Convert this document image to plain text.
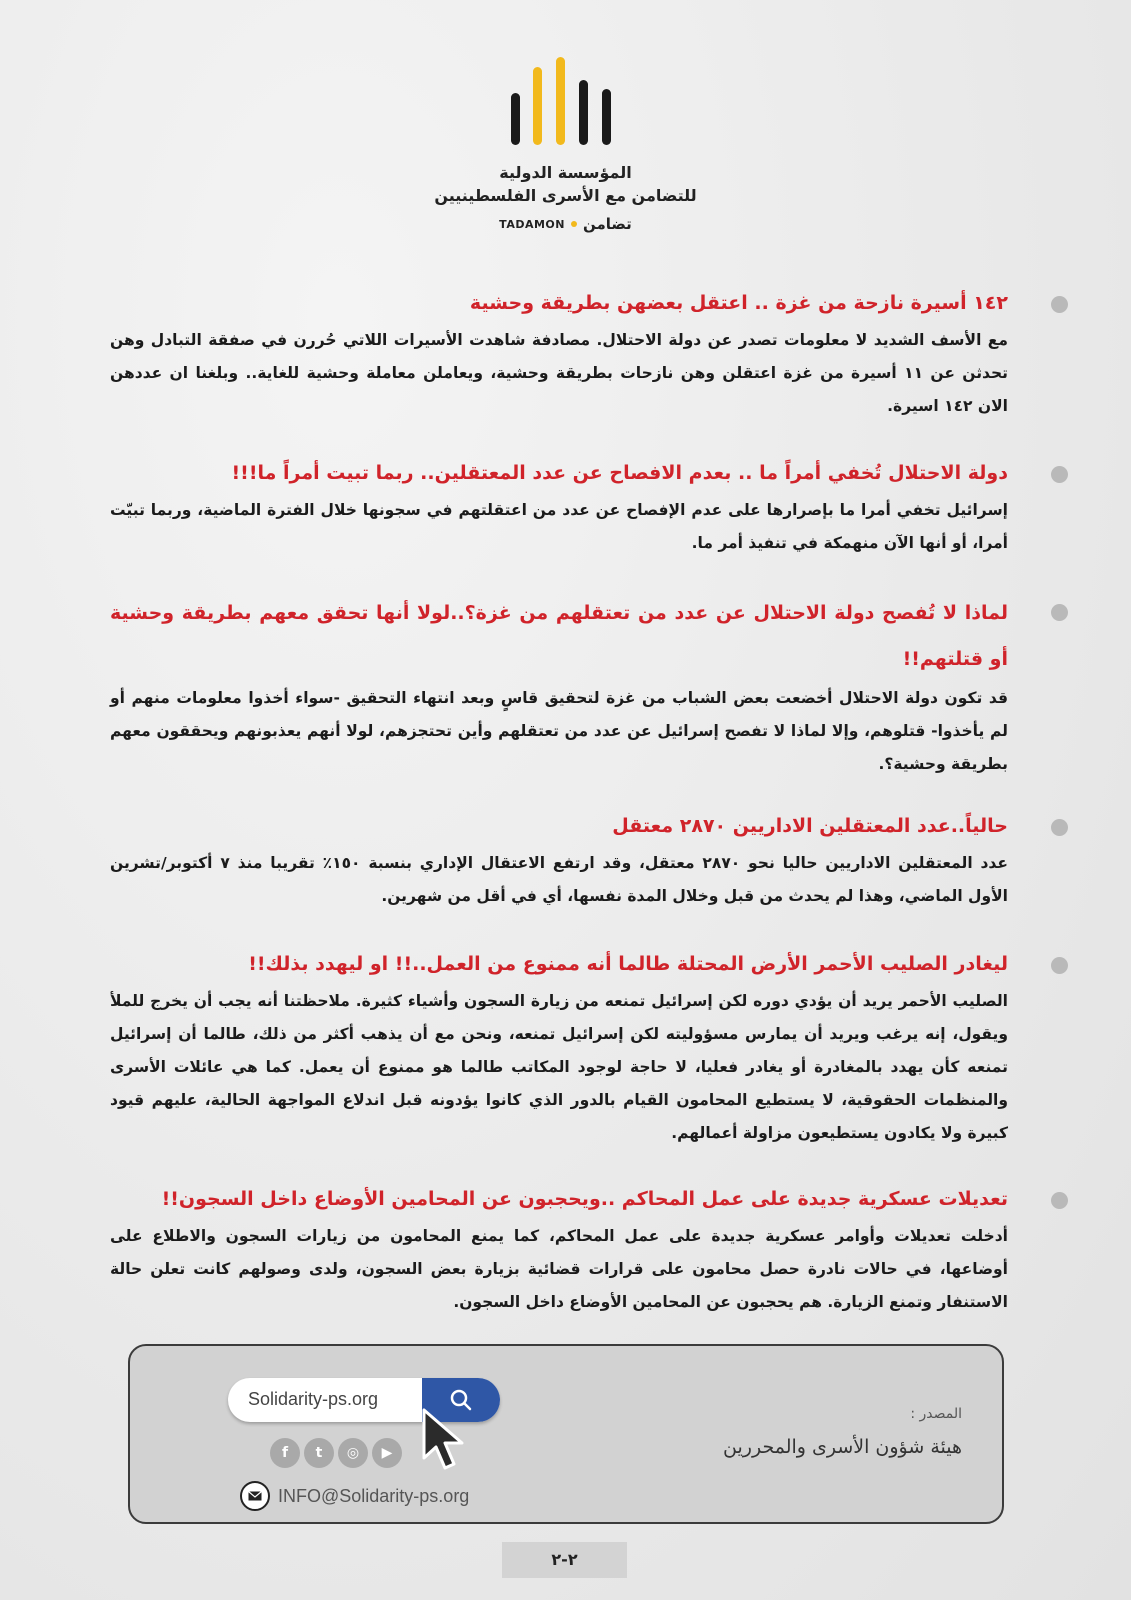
المؤسسة الدولية
للتضامن مع الأسرى الفلسطينيين
TADAMON تضامن
١٤٢ أسيرة نازحة من غزة .. اعتقل بعضهن بطريقة وحشية
مع الأسف الشديد لا معلومات تصدر عن دولة الاحتلال. مصادفة شاهدت الأسيرات اللاتي حُررن في صفقة التبادل وهن تحدثن عن ١١ أسيرة من غزة اعتقلن وهن نازحات بطريقة وحشية، ويعاملن معاملة وحشية للغاية.. وبلغنا ان عددهن الان ١٤٢ اسيرة.
دولة الاحتلال تُخفي أمراً ما .. بعدم الافصاح عن عدد المعتقلين.. ربما تبيت أمراً ما!!!
إسرائيل تخفي أمرا ما بإصرارها على عدم الإفصاح عن عدد من اعتقلتهم في سجونها خلال الفترة الماضية، وربما تبيّت أمرا، أو أنها الآن منهمكة في تنفيذ أمر ما.
لماذا لا تُفصح دولة الاحتلال عن عدد من تعتقلهم من غزة؟..لولا أنها تحقق معهم بطريقة وحشية أو قتلتهم!!
قد تكون دولة الاحتلال أخضعت بعض الشباب من غزة لتحقيق قاسٍ وبعد انتهاء التحقيق -سواء أخذوا معلومات منهم أو لم يأخذوا- قتلوهم، وإلا لماذا لا تفصح إسرائيل عن عدد من تعتقلهم وأين تحتجزهم، لولا أنهم يعذبونهم ويحققون معهم بطريقة وحشية؟.
حالياً..عدد المعتقلين الاداريين ٢٨٧٠ معتقل
عدد المعتقلين الاداريين حاليا نحو ٢٨٧٠ معتقل، وقد ارتفع الاعتقال الإداري بنسبة ١٥٠٪ تقريبا منذ ٧ أكتوبر/تشرين الأول الماضي، وهذا لم يحدث من قبل وخلال المدة نفسها، أي في أقل من شهرين.
ليغادر الصليب الأحمر الأرض المحتلة طالما أنه ممنوع من العمل..!! او ليهدد بذلك!!
الصليب الأحمر يريد أن يؤدي دوره لكن إسرائيل تمنعه من زيارة السجون وأشياء كثيرة. ملاحظتنا أنه يجب أن يخرج للملأ ويقول، إنه يرغب ويريد أن يمارس مسؤوليته لكن إسرائيل تمنعه، ونحن مع أن يذهب أكثر من ذلك، طالما أن إسرائيل تمنعه كأن يهدد بالمغادرة أو يغادر فعليا، لا حاجة لوجود المكاتب طالما هو ممنوع أن يعمل. كما هي عائلات الأسرى والمنظمات الحقوقية، لا يستطيع المحامون القيام بالدور الذي كانوا يؤدونه قبل اندلاع المواجهة الحالية، عليهم قيود كبيرة ولا يكادون يستطيعون مزاولة أعمالهم.
تعديلات عسكرية جديدة على عمل المحاكم ..ويحجبون عن المحامين الأوضاع داخل السجون!!
أدخلت تعديلات وأوامر عسكرية جديدة على عمل المحاكم، كما يمنع المحامون من زيارات السجون والاطلاع على أوضاعها، في حالات نادرة حصل محامون على قرارات قضائية بزيارة بعض السجون، ولدى وصولهم كانت تعلن حالة الاستنفار وتمنع الزيارة. هم يحجبون عن المحامين الأوضاع داخل السجون.
المصدر :
هيئة شؤون الأسرى والمحررين
Solidarity-ps.org
f	t	◎	▶
INFO@Solidarity-ps.org
٢-٢
